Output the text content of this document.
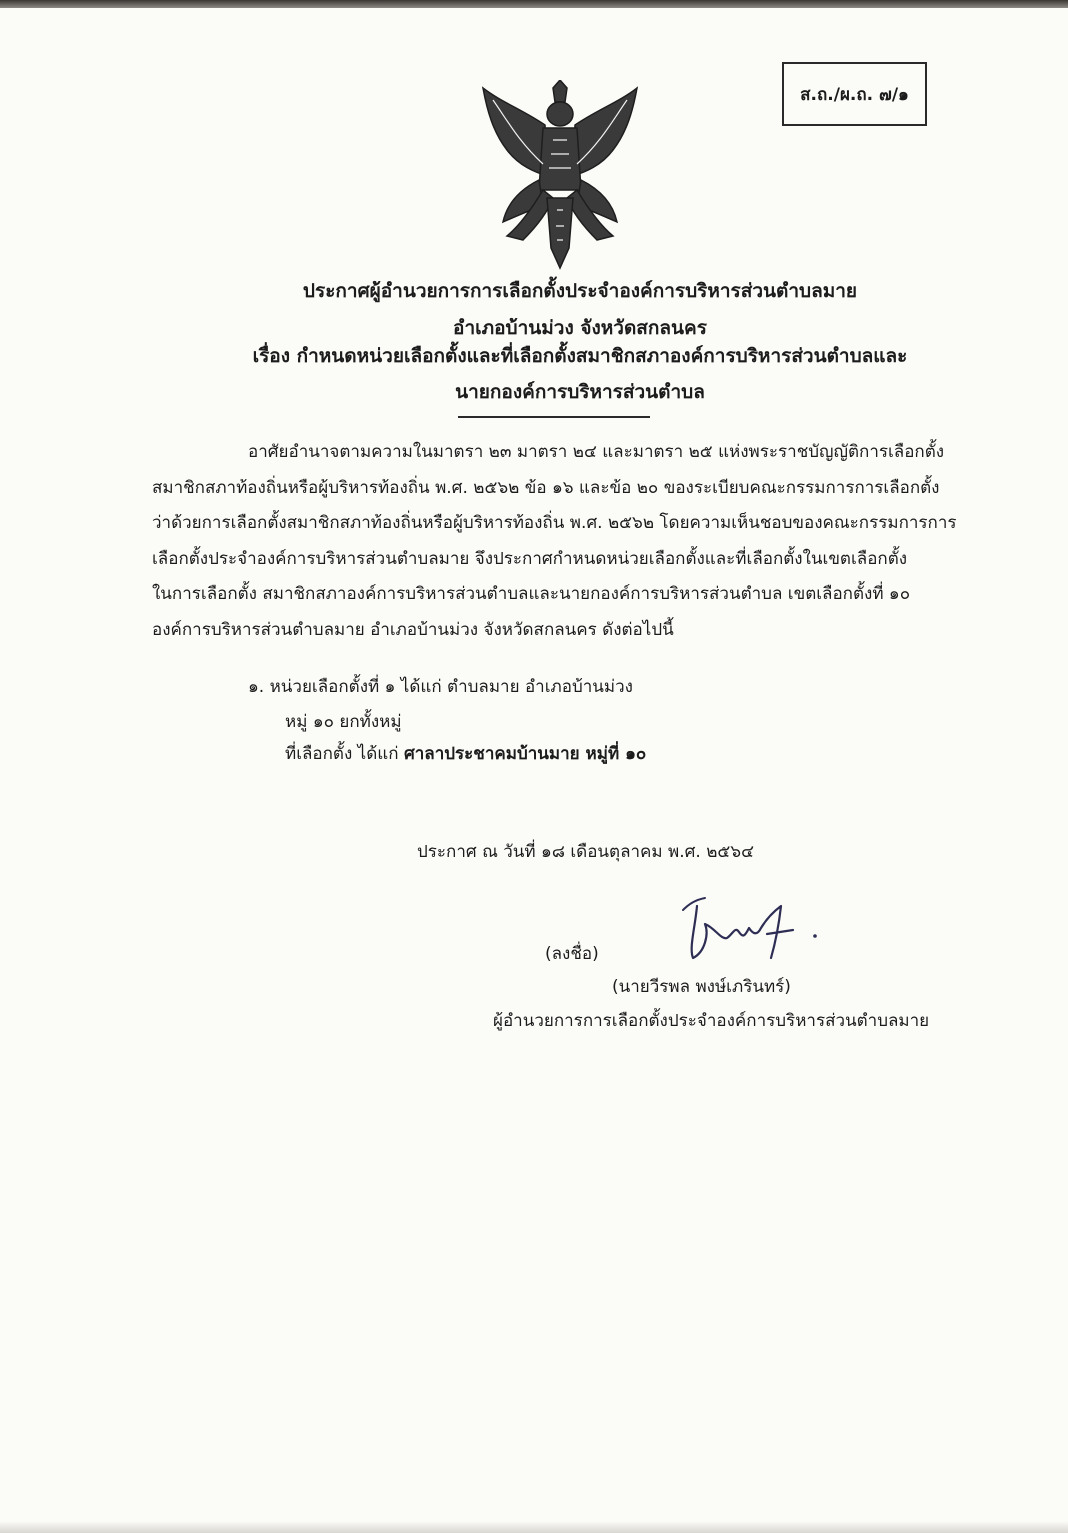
ส.ถ./ผ.ถ. ๗/๑
ประกาศผู้อำนวยการการเลือกตั้งประจำองค์การบริหารส่วนตำบลมาย
อำเภอบ้านม่วง จังหวัดสกลนคร
เรื่อง กำหนดหน่วยเลือกตั้งและที่เลือกตั้งสมาชิกสภาองค์การบริหารส่วนตำบลและ
นายกองค์การบริหารส่วนตำบล
อาศัยอำนาจตามความในมาตรา ๒๓ มาตรา ๒๔ และมาตรา ๒๕ แห่งพระราชบัญญัติการเลือกตั้ง
สมาชิกสภาท้องถิ่นหรือผู้บริหารท้องถิ่น พ.ศ. ๒๕๖๒ ข้อ ๑๖ และข้อ ๒๐ ของระเบียบคณะกรรมการการเลือกตั้ง
ว่าด้วยการเลือกตั้งสมาชิกสภาท้องถิ่นหรือผู้บริหารท้องถิ่น พ.ศ. ๒๕๖๒ โดยความเห็นชอบของคณะกรรมการการ
เลือกตั้งประจำองค์การบริหารส่วนตำบลมาย จึงประกาศกำหนดหน่วยเลือกตั้งและที่เลือกตั้งในเขตเลือกตั้ง
ในการเลือกตั้ง สมาชิกสภาองค์การบริหารส่วนตำบลและนายกองค์การบริหารส่วนตำบล เขตเลือกตั้งที่ ๑๐
องค์การบริหารส่วนตำบลมาย อำเภอบ้านม่วง จังหวัดสกลนคร ดังต่อไปนี้
๑. หน่วยเลือกตั้งที่ ๑ ได้แก่ ตำบลมาย อำเภอบ้านม่วง
หมู่ ๑๐ ยกทั้งหมู่
ที่เลือกตั้ง ได้แก่ ศาลาประชาคมบ้านมาย หมู่ที่ ๑๐
ประกาศ ณ วันที่ ๑๘ เดือนตุลาคม พ.ศ. ๒๕๖๔
(ลงชื่อ)
(นายวีรพล พงษ์เภรินทร์)
ผู้อำนวยการการเลือกตั้งประจำองค์การบริหารส่วนตำบลมาย
